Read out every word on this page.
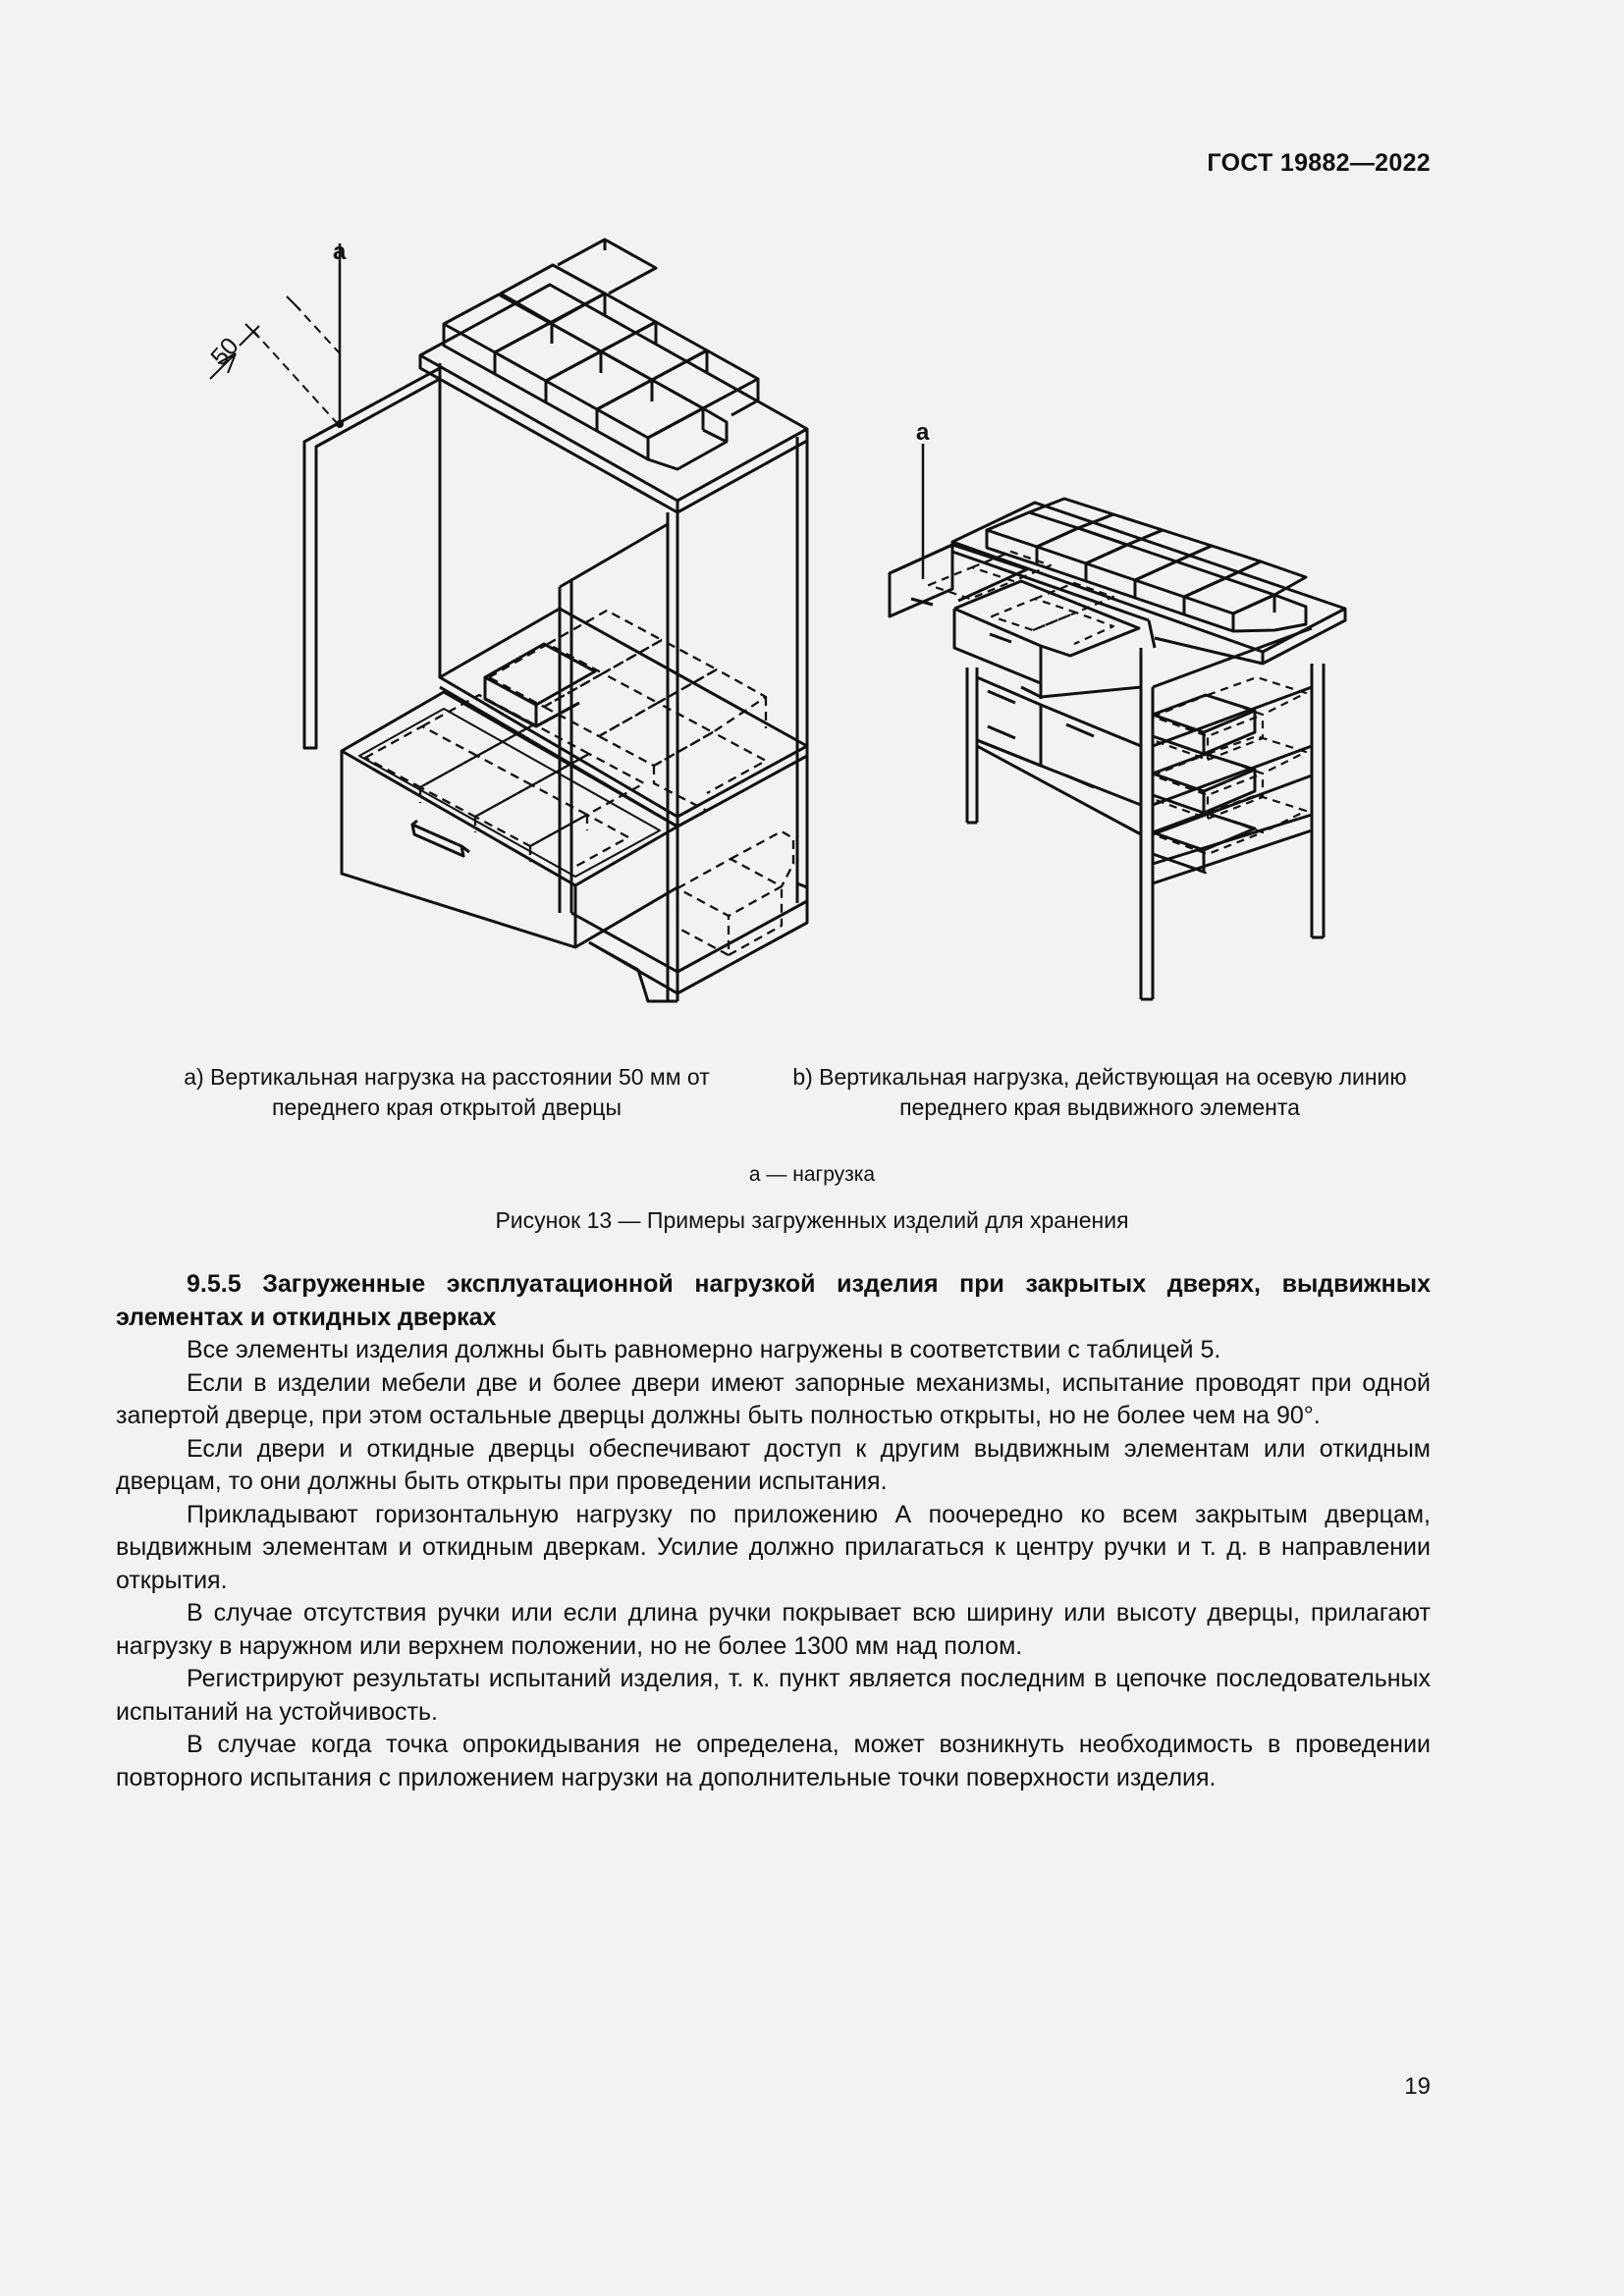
ГОСТ 19882—2022
а
а
50
а) Вертикальная нагрузка на расстоянии 50 мм от переднего края открытой дверцы
b) Вертикальная нагрузка, действующая на осевую линию переднего края выдвижного элемента
а — нагрузка
Рисунок 13 — Примеры загруженных изделий для хранения

9.5.5 Загруженные эксплуатационной нагрузкой изделия при закрытых дверях, выдвижных элементах и откидных дверках

Все элементы изделия должны быть равномерно нагружены в соответствии с таблицей 5.

Если в изделии мебели две и более двери имеют запорные механизмы, испытание проводят при одной запертой дверце, при этом остальные дверцы должны быть полностью открыты, но не более чем на 90°.

Если двери и откидные дверцы обеспечивают доступ к другим выдвижным элементам или откидным дверцам, то они должны быть открыты при проведении испытания.

Прикладывают горизонтальную нагрузку по приложению А поочередно ко всем закрытым дверцам, выдвижным элементам и откидным дверкам. Усилие должно прилагаться к центру ручки и т. д. в направлении открытия.

В случае отсутствия ручки или если длина ручки покрывает всю ширину или высоту дверцы, прилагают нагрузку в наружном или верхнем положении, но не более 1300 мм над полом.

Регистрируют результаты испытаний изделия, т. к. пункт является последним в цепочке последовательных испытаний на устойчивость.

В случае когда точка опрокидывания не определена, может возникнуть необходимость в проведении повторного испытания с приложением нагрузки на дополнительные точки поверхности изделия.

19
